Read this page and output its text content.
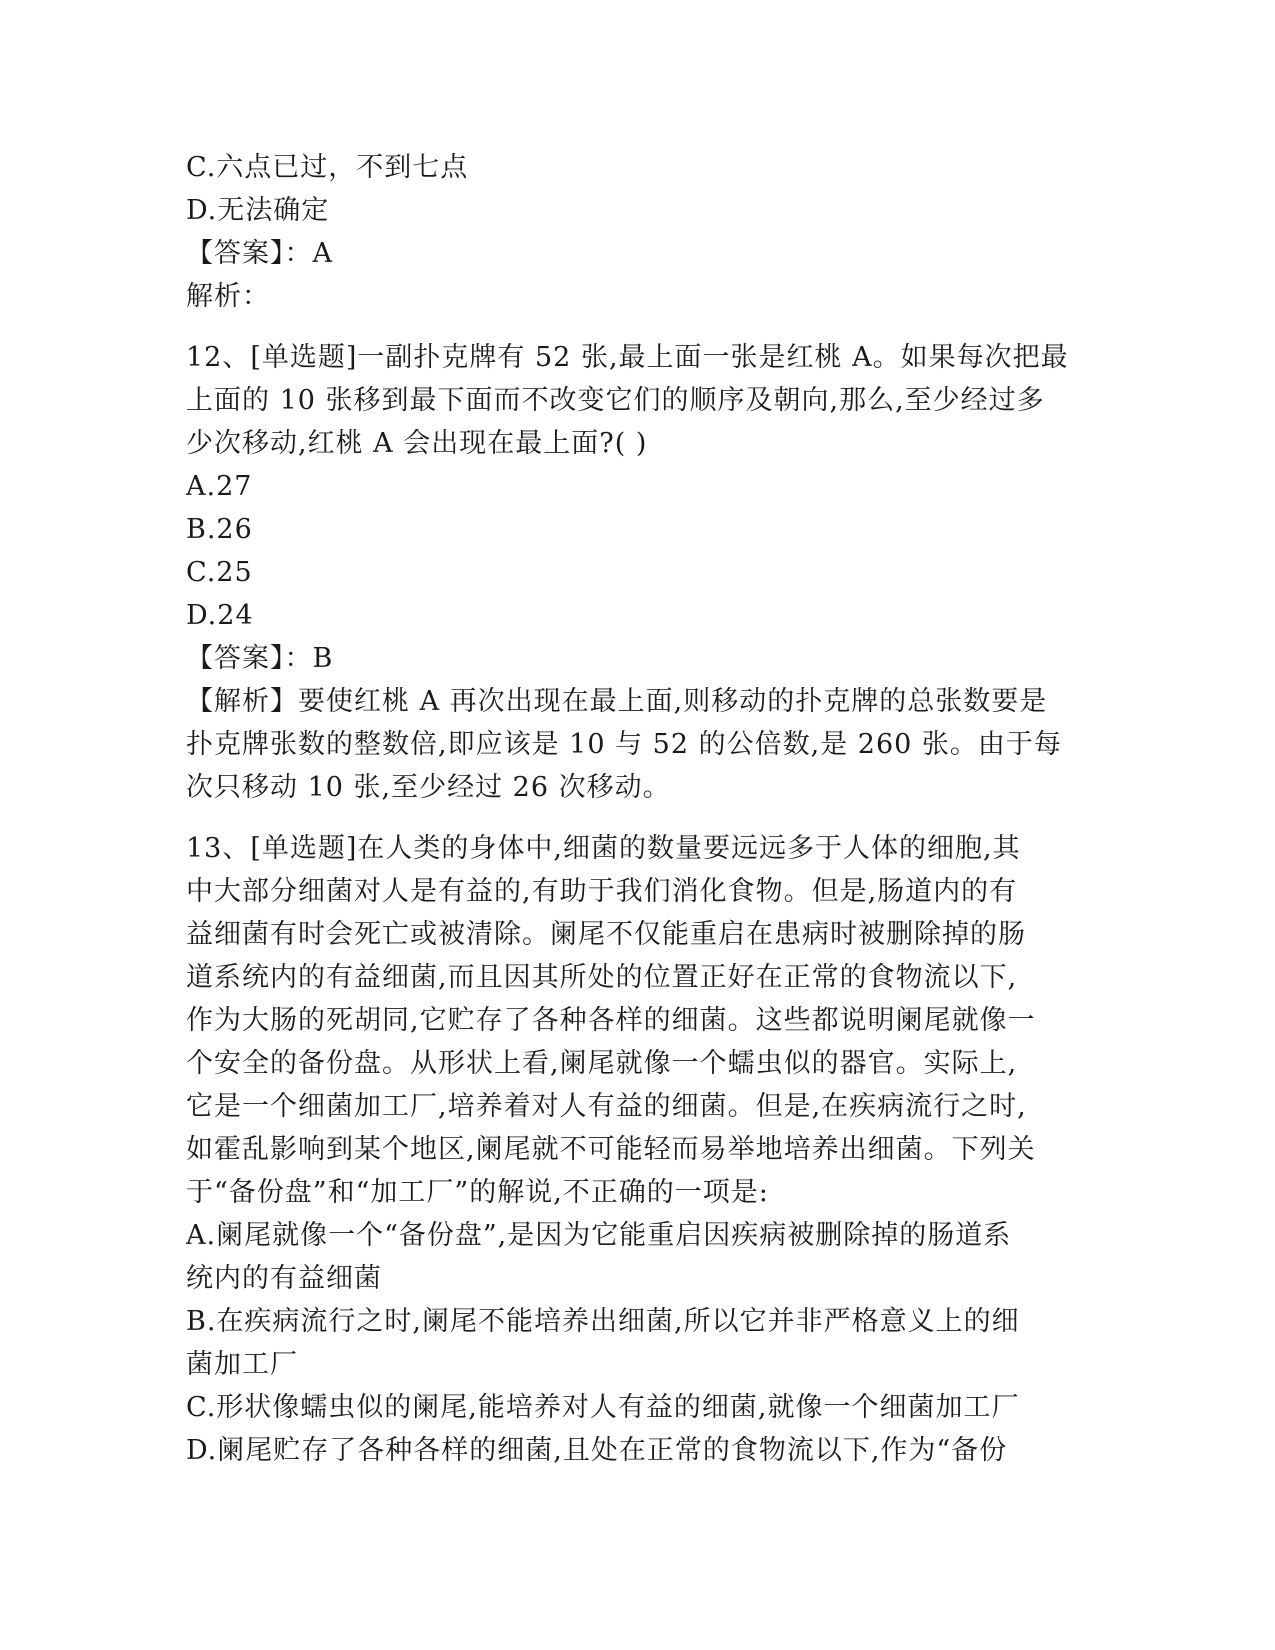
C.六点已过，不到七点
D.无法确定
【答案】：A
解析：
12、[单选题]一副扑克牌有 52 张,最上面一张是红桃 A。如果每次把最
上面的 10 张移到最下面而不改变它们的顺序及朝向,那么,至少经过多
少次移动,红桃 A 会出现在最上面?( )
A.27
B.26
C.25
D.24
【答案】：B
【解析】要使红桃 A 再次出现在最上面,则移动的扑克牌的总张数要是
扑克牌张数的整数倍,即应该是 10 与 52 的公倍数,是 260 张。由于每
次只移动 10 张,至少经过 26 次移动。
13、[单选题]在人类的身体中,细菌的数量要远远多于人体的细胞,其
中大部分细菌对人是有益的,有助于我们消化食物。但是,肠道内的有
益细菌有时会死亡或被清除。阑尾不仅能重启在患病时被删除掉的肠
道系统内的有益细菌,而且因其所处的位置正好在正常的食物流以下,
作为大肠的死胡同,它贮存了各种各样的细菌。这些都说明阑尾就像一
个安全的备份盘。从形状上看,阑尾就像一个蠕虫似的器官。实际上,
它是一个细菌加工厂,培养着对人有益的细菌。但是,在疾病流行之时,
如霍乱影响到某个地区,阑尾就不可能轻而易举地培养出细菌。下列关
于“备份盘”和“加工厂”的解说,不正确的一项是:
A.阑尾就像一个“备份盘”,是因为它能重启因疾病被删除掉的肠道系
统内的有益细菌
B.在疾病流行之时,阑尾不能培养出细菌,所以它并非严格意义上的细
菌加工厂
C.形状像蠕虫似的阑尾,能培养对人有益的细菌,就像一个细菌加工厂
D.阑尾贮存了各种各样的细菌,且处在正常的食物流以下,作为“备份
